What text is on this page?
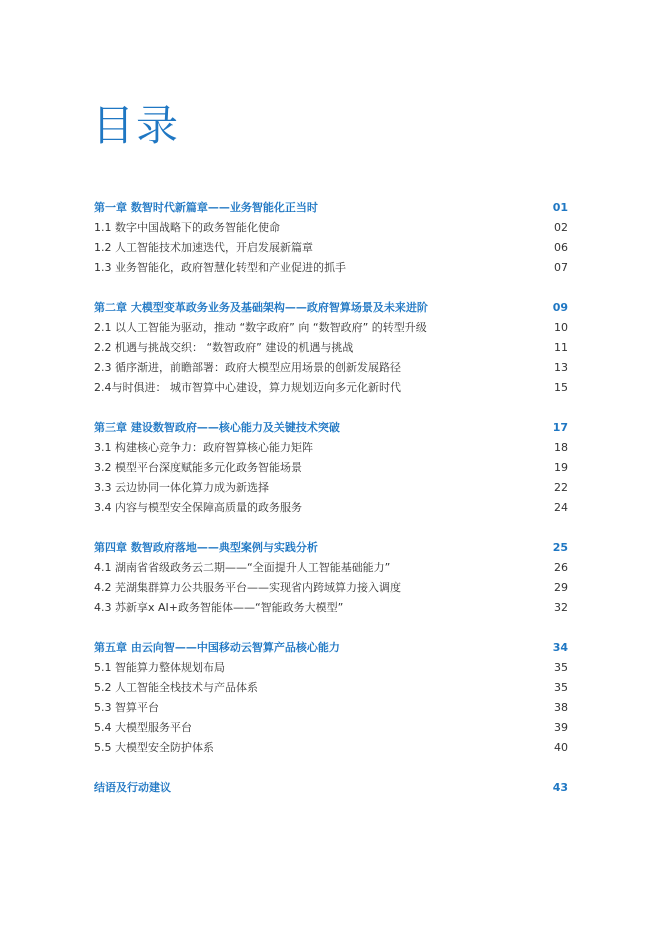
目录
第一章 数智时代新篇章——业务智能化正当时	01
1.1 数字中国战略下的政务智能化使命	02
1.2 人工智能技术加速迭代，开启发展新篇章	06
1.3 业务智能化，政府智慧化转型和产业促进的抓手	07
第二章 大模型变革政务业务及基础架构——政府智算场景及未来进阶	09
2.1 以人工智能为驱动，推动 “数字政府” 向 “数智政府” 的转型升级	10
2.2 机遇与挑战交织： “数智政府” 建设的机遇与挑战	11
2.3 循序渐进，前瞻部署：政府大模型应用场景的创新发展路径	13
2.4与时俱进： 城市智算中心建设，算力规划迈向多元化新时代	15
第三章 建设数智政府——核心能力及关键技术突破	17
3.1 构建核心竞争力：政府智算核心能力矩阵	18
3.2 模型平台深度赋能多元化政务智能场景	19
3.3 云边协同一体化算力成为新选择	22
3.4 内容与模型安全保障高质量的政务服务	24
第四章 数智政府落地——典型案例与实践分析	25
4.1 湖南省省级政务云二期——“全面提升人工智能基础能力”	26
4.2 芜湖集群算力公共服务平台——实现省内跨域算力接入调度	29
4.3 苏新享x AI+政务智能体——“智能政务大模型”	32
第五章 由云向智——中国移动云智算产品核心能力	34
5.1 智能算力整体规划布局	35
5.2 人工智能全栈技术与产品体系	35
5.3 智算平台	38
5.4 大模型服务平台	39
5.5 大模型安全防护体系	40
结语及行动建议	43
